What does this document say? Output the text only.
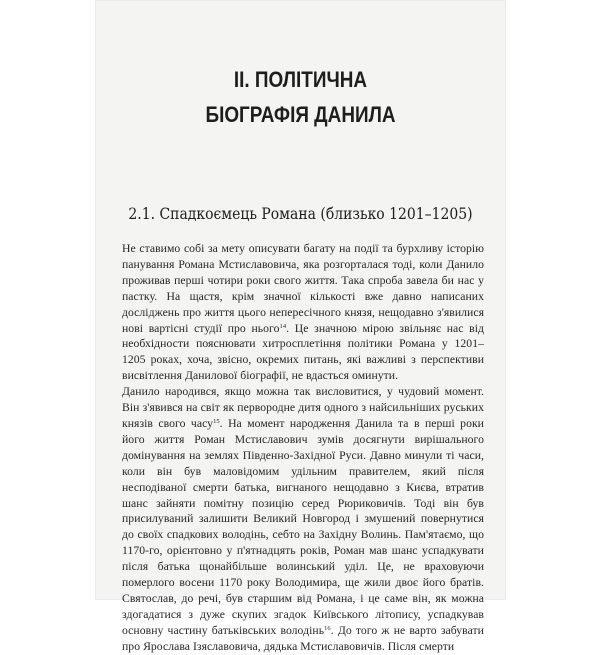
II. ПОЛІТИЧНА
БІОГРАФІЯ ДАНИЛА
2.1. Спадкоємець Романа (близько 1201–1205)

Не ставимо собі за мету описувати багату на події та бурхливу історію панування Романа Мстиславовича, яка розгорталася тоді, коли Данило проживав перші чотири роки свого життя. Така спроба завела би нас у пастку. На щастя, крім значної кількості вже давно написаних досліджень про життя цього непересічного князя, нещодавно з'явилися нові вартісні студії про нього$^{14}$. Це значною мірою звільняє нас від необхідности пояснювати хитросплетіння політики Романа у 1201–1205 роках, хоча, звісно, окремих питань, які важливі з перспективи висвітлення Данилової біографії, не вдасться оминути.

Данило народився, якщо можна так висловитися, у чудовий момент. Він з'явився на світ як первородне дитя одного з найсильніших руських князів свого часу$^{15}$. На момент народження Данила та в перші роки його життя Роман Мстиславович зумів досягнути вирішального домінування на землях Південно-Західної Руси. Давно минули ті часи, коли він був маловідомим удільним правителем, який після несподіваної смерти батька, вигнаного нещодавно з Києва, втратив шанс зайняти помітну позицію серед Рюриковичів. Тоді він був присилуваний залишити Великий Новгород і змушений повернутися до своїх спадкових володінь, себто на Західну Волинь. Пам'ятаємо, що 1170-го, орієнтовно у п'ятнадцять років, Роман мав шанс успадкувати після батька щонайбільше волинський уділ. Це, не враховуючи померлого восени 1170 року Володимира, ще жили двоє його братів. Святослав, до речі, був старшим від Романа, і це саме він, як можна здогадатися з дуже скупих згадок Київського літопису, успадкував основну частину батьківських володінь$^{16}$. До того ж не варто забувати про Ярослава Ізяславовича, дядька Мстиславовичів. Після смерти
